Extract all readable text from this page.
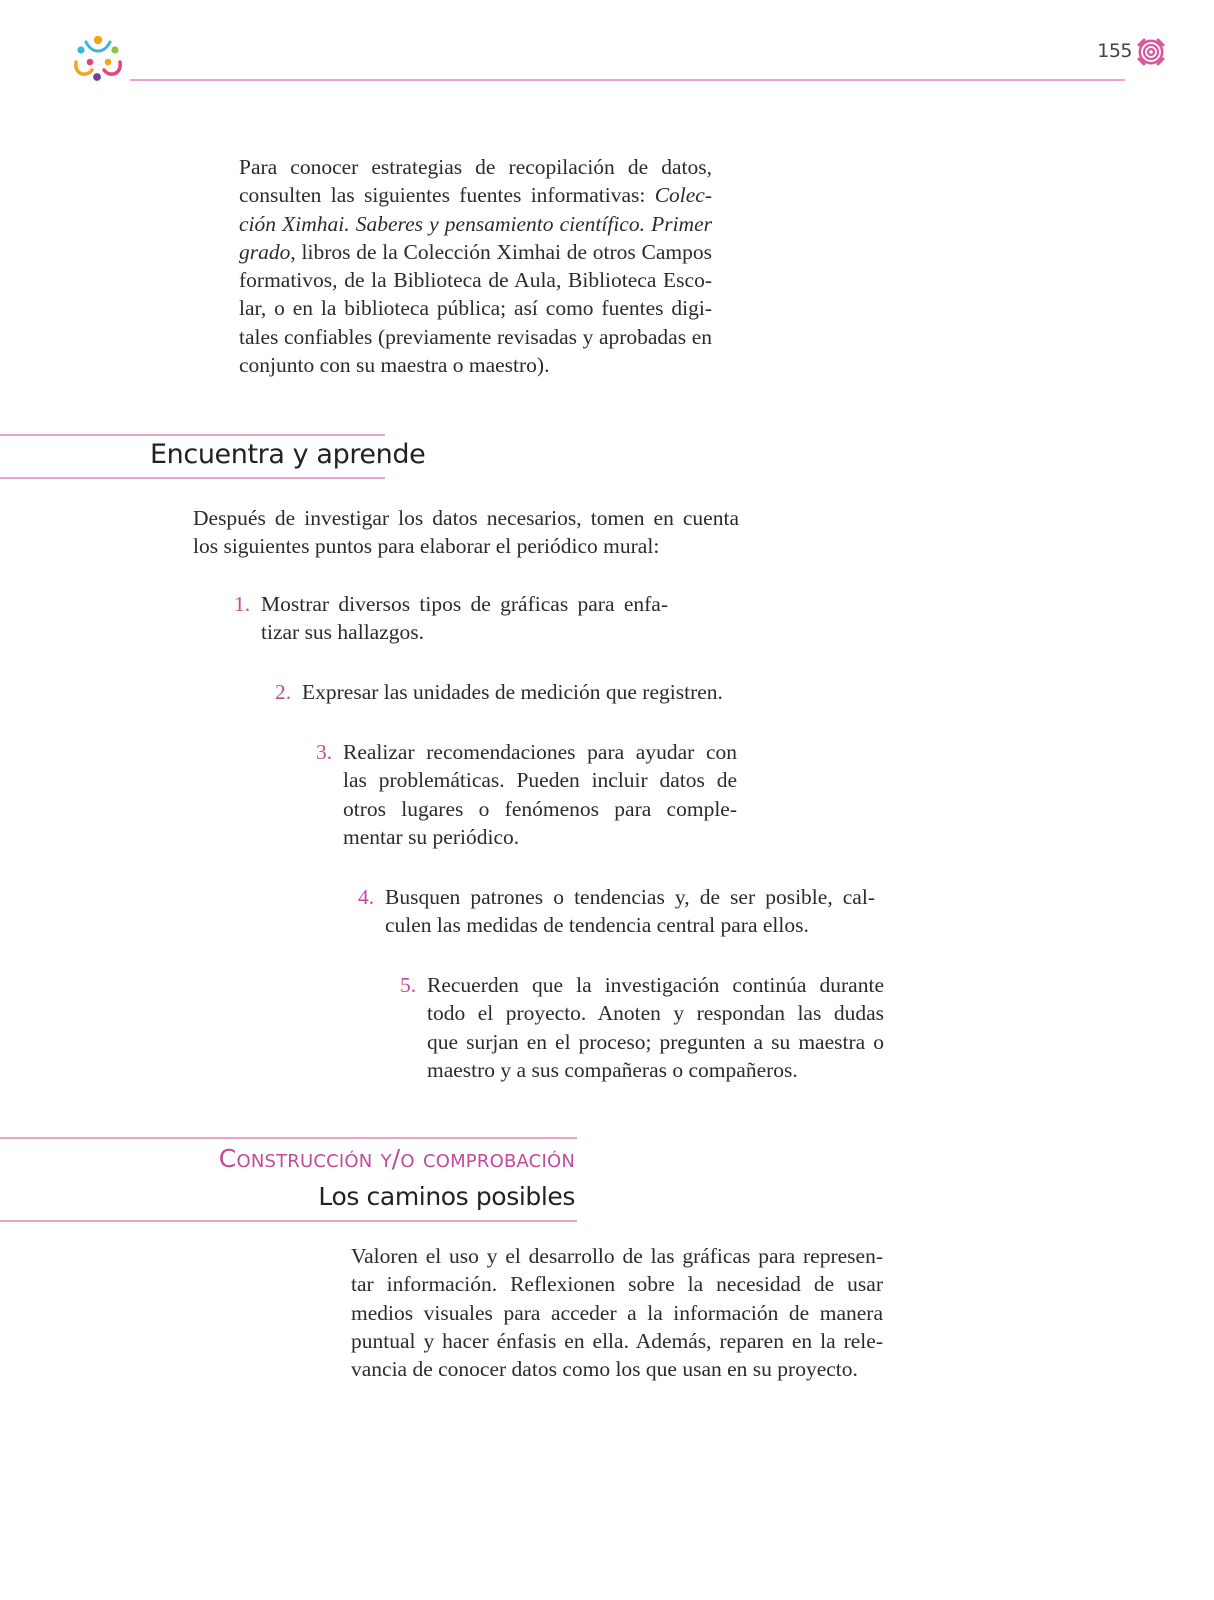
155
Para conocer estrategias de recopilación de datos,
consulten las siguientes fuentes informativas: Colec-
ción Ximhai. Saberes y pensamiento científico. Primer
grado, libros de la Colección Ximhai de otros Campos
formativos, de la Biblioteca de Aula, Biblioteca Esco-
lar, o en la biblioteca pública; así como fuentes digi-
tales confiables (previamente revisadas y aprobadas en
conjunto con su maestra o maestro).
Encuentra y aprende
Después de investigar los datos necesarios, tomen en cuenta
los siguientes puntos para elaborar el periódico mural:
1. Mostrar diversos tipos de gráficas para enfa-
tizar sus hallazgos.
2. Expresar las unidades de medición que registren.
3. Realizar recomendaciones para ayudar con
las problemáticas. Pueden incluir datos de
otros lugares o fenómenos para comple-
mentar su periódico.
4. Busquen patrones o tendencias y, de ser posible, cal-
culen las medidas de tendencia central para ellos.
5. Recuerden que la investigación continúa durante
todo el proyecto. Anoten y respondan las dudas
que surjan en el proceso; pregunten a su maestra o
maestro y a sus compañeras o compañeros.
Construcción y/o comprobación
Los caminos posibles
Valoren el uso y el desarrollo de las gráficas para represen-
tar información. Reflexionen sobre la necesidad de usar
medios visuales para acceder a la información de manera
puntual y hacer énfasis en ella. Además, reparen en la rele-
vancia de conocer datos como los que usan en su proyecto.
